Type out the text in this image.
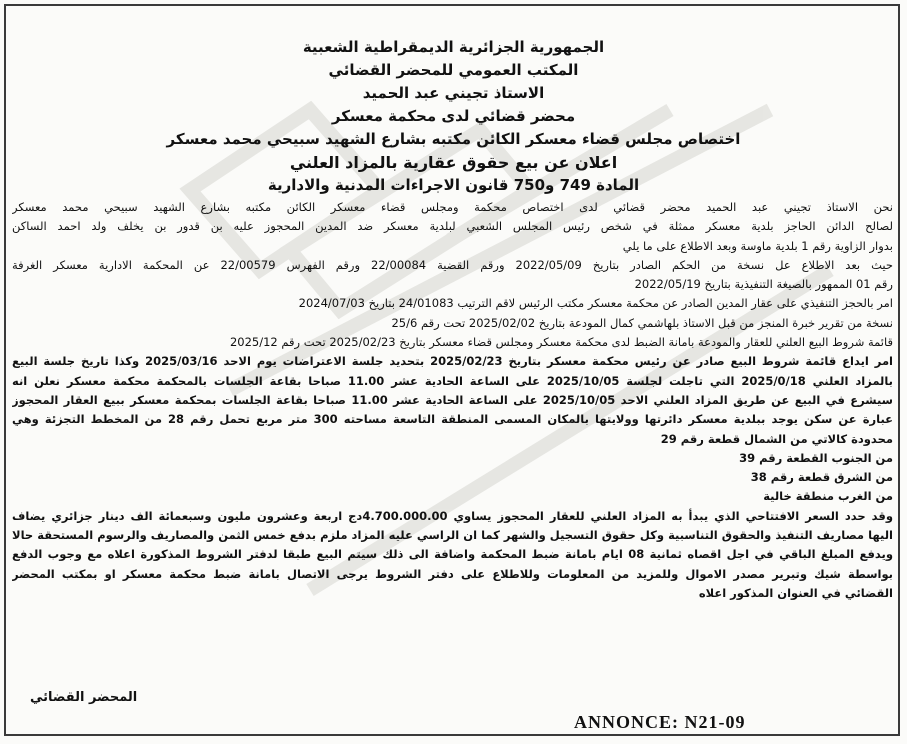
الجمهورية الجزائرية الديمقراطية الشعبية
المكتب العمومي للمحضر القضائي
الاستاذ تجيني عبد الحميد
محضر قضائي لدى محكمة معسكر
اختصاص مجلس قضاء معسكر الكائن مكتبه بشارع الشهيد سبيحي محمد معسكر
اعلان عن بيع حقوق عقارية بالمزاد العلني
المادة 749 و750 قانون الاجراءات المدنية والادارية
نحن الاستاذ تجيني عبد الحميد محضر قضائي لدى اختصاص محكمة ومجلس قضاء معسكر الكائن مكتبه بشارع الشهيد سبيحي محمد معسكر
لصالح الدائن الحاجز بلدية معسكر ممثلة في شخص رئيس المجلس الشعبي لبلدية معسكر ضد المدين المحجوز عليه بن قدور بن يخلف ولد احمد الساكن
بدوار الزاوية رقم 1 بلدية ماوسة وبعد الاطلاع على ما يلي
حيث بعد الاطلاع عل نسخة من الحكم الصادر بتاريخ 2022/05/09 ورقم القضية 22/00084 ورقم الفهرس 22/00579 عن المحكمة الادارية معسكر الغرفة
رقم 01 الممهور بالصيغة التنفيذية بتاريخ 2022/05/19
امر بالحجز التنفيذي على عقار المدين الصادر عن محكمة معسكر مكتب الرئيس لاقم الترتيب 24/01083 بتاريخ 2024/07/03
نسخة من تقرير خبرة المنجز من قبل الاستاذ بلهاشمي كمال المودعة بتاريخ 2025/02/02 تحت رقم 25/6
قائمة شروط البيع العلني للعقار والمودعة بامانة الضبط لدى محكمة معسكر ومجلس قضاء معسكر بتاريخ 2025/02/23 تحت رقم 2025/12
امر ايداع قائمة شروط البيع صادر عن رئيس محكمة معسكر بتاريخ 2025/02/23 بتحديد جلسة الاعتراضات يوم الاحد 2025/03/16 وكذا تاريخ جلسة البيع
بالمزاد العلني 2025/0/18 التي تاجلت لجلسة 2025/10/05 على الساعة الحادية عشر 11.00 صباحا بقاعة الجلسات بالمحكمة محكمة معسكر نعلن انه
سيشرع في البيع عن طريق المزاد العلني الاحد 2025/10/05 على الساعة الحادية عشر 11.00 صباحا بقاعة الجلسات بمحكمة معسكر ببيع العقار المحجوز
عبارة عن سكن يوجد ببلدية معسكر دائرتها وولايتها بالمكان المسمى المنطقة التاسعة مساحته 300 متر مربع تحمل رقم 28 من المخطط التجزئة وهي
محدودة كالاتي من الشمال قطعة رقم 29
من الجنوب القطعة رقم 39
من الشرق قطعة رقم 38
من الغرب منطقة خالية
وقد حدد السعر الافتتاحي الذي يبدأ به المزاد العلني للعقار المحجوز يساوي 4.700.000.00دج اربعة وعشرون مليون وسبعمائة الف دينار جزائري يضاف
اليها مصاريف التنفيذ والحقوق التناسبية وكل حقوق التسجيل والشهر كما ان الراسي عليه المزاد ملزم بدفع خمس الثمن والمصاريف والرسوم المستحقة حالا
ويدفع المبلغ الباقي في اجل اقصاه ثمانية 08 ايام بامانة ضبط المحكمة واضافة الى ذلك سيتم البيع طبقا لدفتر الشروط المذكورة اعلاه مع وجوب الدفع
بواسطة شيك وتبرير مصدر الاموال وللمزيد من المعلومات وللاطلاع على دفتر الشروط يرجى الاتصال بامانة ضبط محكمة معسكر او بمكتب المحضر
القضائي في العنوان المذكور اعلاه
المحضر القضائي
ANNONCE: N21-09
